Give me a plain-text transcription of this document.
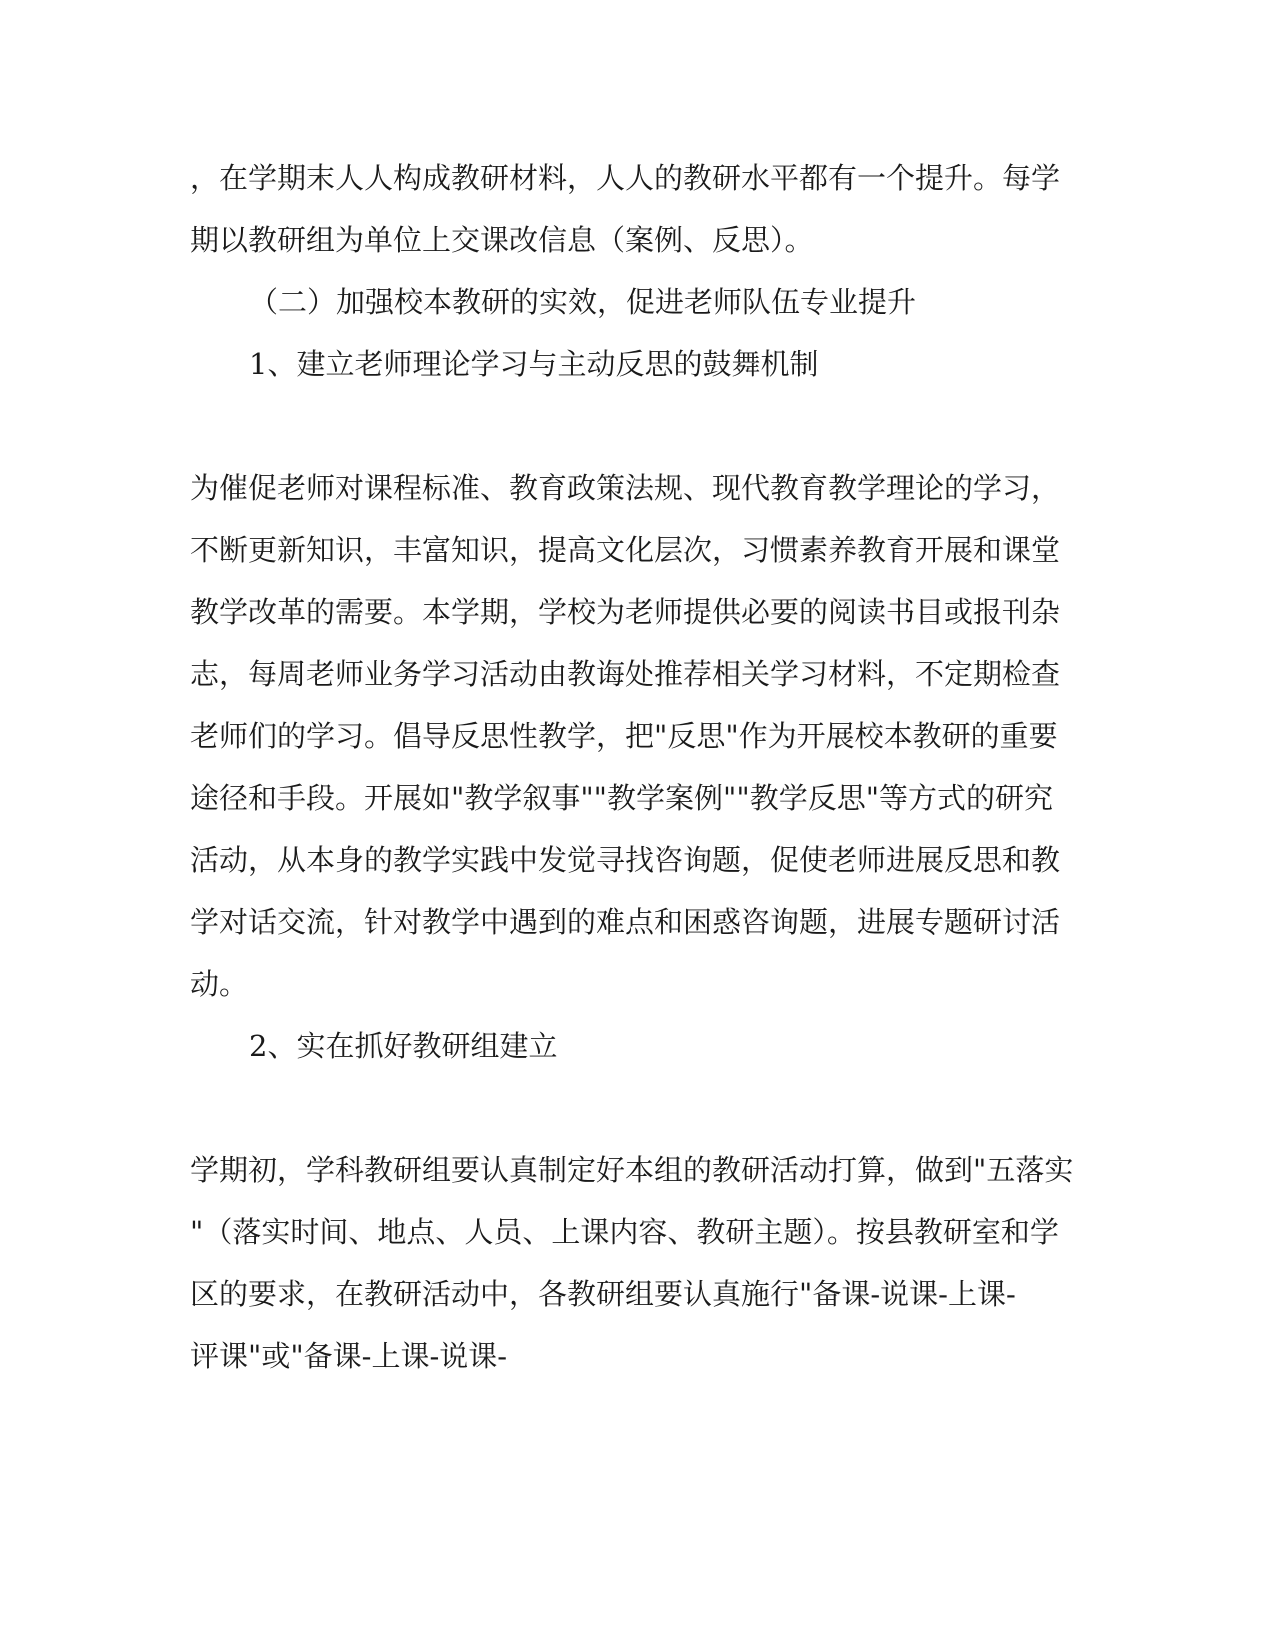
，在学期末人人构成教研材料，人人的教研水平都有一个提升。每学

期以教研组为单位上交课改信息（案例、反思）。

（二）加强校本教研的实效，促进老师队伍专业提升

1、建立老师理论学习与主动反思的鼓舞机制

为催促老师对课程标准、教育政策法规、现代教育教学理论的学习，

不断更新知识，丰富知识，提高文化层次，习惯素养教育开展和课堂

教学改革的需要。本学期，学校为老师提供必要的阅读书目或报刊杂

志，每周老师业务学习活动由教诲处推荐相关学习材料，不定期检查

老师们的学习。倡导反思性教学，把"反思"作为开展校本教研的重要

途径和手段。开展如"教学叙事""教学案例""教学反思"等方式的研究

活动，从本身的教学实践中发觉寻找咨询题，促使老师进展反思和教

学对话交流，针对教学中遇到的难点和困惑咨询题，进展专题研讨活

动。

2、实在抓好教研组建立

学期初，学科教研组要认真制定好本组的教研活动打算，做到"五落实

"（落实时间、地点、人员、上课内容、教研主题）。按县教研室和学

区的要求，在教研活动中，各教研组要认真施行"备课-说课-上课-

评课"或"备课-上课-说课-
